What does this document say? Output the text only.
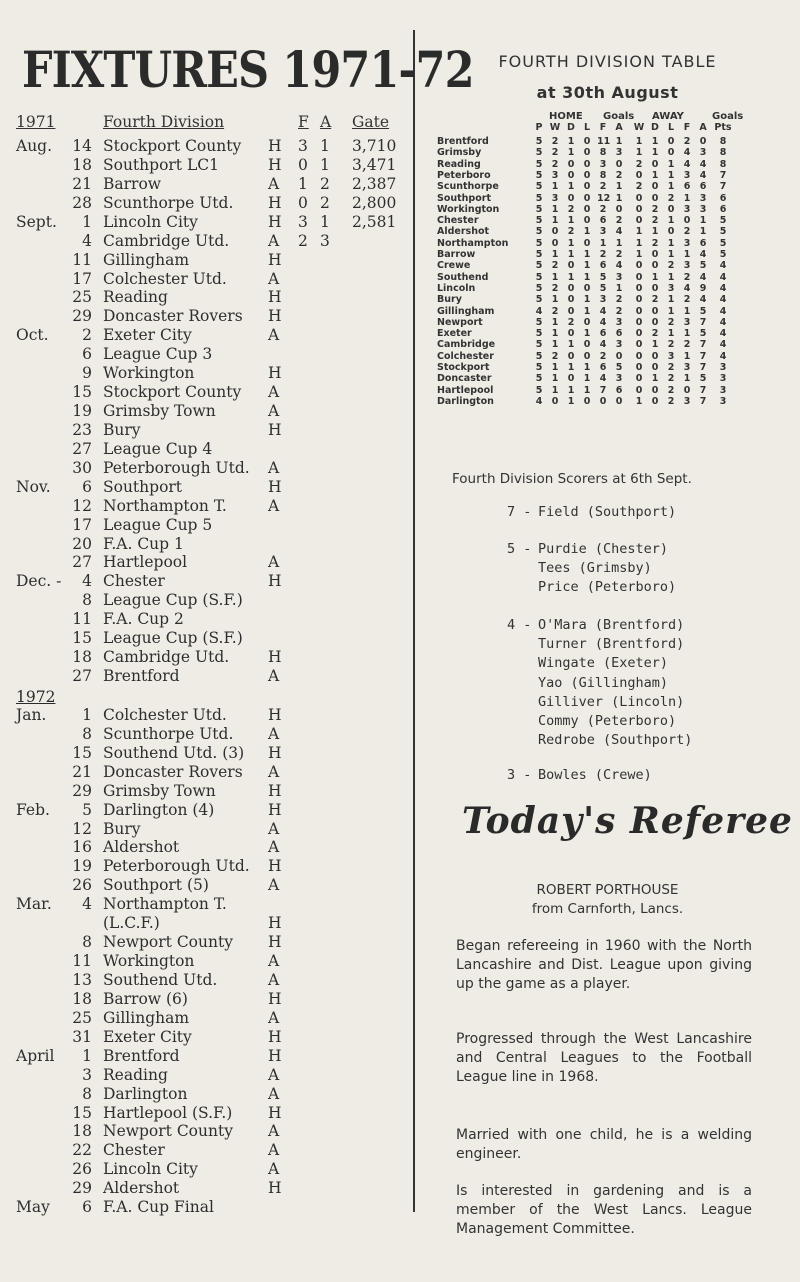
FIXTURES 1971-72
1971	Fourth Division	F A Gate
1972
Aug.	14 Stockport County H 3 1 3,710
18 Southport LC1	H 0 1 3,471
21 Barrow	A 1 2 2,387
28 Scunthorpe Utd. H 0 2 2,800
Sept.	1 Lincoln City	H 3 1 2,581
4 Cambridge Utd.	A 2 3
11 Gillingham	H
17 Colchester Utd.	A
25 Reading	H
29 Doncaster Rovers H
Oct.	2 Exeter City	A
6 League Cup 3
9 Workington	H
15 Stockport County A
19 Grimsby Town	A
23 Bury	H
27 League Cup 4
30 Peterborough Utd. A
Nov.	6 Southport	H
12 Northampton T.	A
17 League Cup 5
20 F.A. Cup 1
27 Hartlepool	A
Dec. -	4 Chester	H
8 League Cup (S.F.)
11 F.A. Cup 2
15 League Cup (S.F.)
18 Cambridge Utd.	H
27 Brentford	A
Jan.	1 Colchester Utd.	H
8 Scunthorpe Utd. A
15 Southend Utd. (3) H
21 Doncaster Rovers A
29 Grimsby Town	H
Feb.	5 Darlington (4)	H
12 Bury	A
16 Aldershot	A
19 Peterborough Utd. H
26 Southport (5)	A
Mar.	4 Northampton T.
(L.C.F.)	H
8 Newport County H
11 Workington	A
13 Southend Utd.	A
18 Barrow (6)	H
25 Gillingham	A
31 Exeter City	H
April	1 Brentford	H
3 Reading	A
8 Darlington	A
15 Hartlepool (S.F.) H
18 Newport County A
22 Chester	A
26 Lincoln City	A
29 Aldershot	H
May	6 F.A. Cup Final
FOURTH DIVISION TABLE
at 30th August
HOME Goals AWAY	Goals
P W D L	F A W D L	F A Pts
Brentford	5 2 1 0 11 1 1 1 0 2 0 8
Grimsby	5 2 1 0 8 3 1 1 0 4 3 8
Reading	5 2 0 0 3 0 2 0 1 4 4 8
Peterboro	5 3 0 0 8 2 0 1 1 3 4 7
Scunthorpe	5 1 1 0 2 1 2 0 1 6 6 7
Southport	5 3 0 0 12 1 0 0 2 1 3 6
Workington	5 1 2 0 2 0 0 2 0 3 3 6
Chester	5 1 1 0 6 2 0 2 1 0 1 5
Aldershot	5 0 2 1 3 4 1 1 0 2 1 5
Northampton	5 0 1 0 1 1 1 2 1 3 6 5
Barrow	5 1 1 1 2 2 1 0 1 1 4 5
Crewe	5 2 0 1 6 4 0 0 2 3 5 4
Southend	5 1 1 1 5 3 0 1 1 2 4 4
Lincoln	5 2 0 0 5 1 0 0 3 4 9 4
Bury	5 1 0 1 3 2 0 2 1 2 4 4
Gillingham	4 2 0 1 4 2 0 0 1 1 5 4
Newport	5 1 2 0 4 3 0 0 2 3 7 4
Exeter	5 1 0 1 6 6 0 2 1 1 5 4
Cambridge	5 1 1 0 4 3 0 1 2 2 7 4
Colchester	5 2 0 0 2 0 0 0 3 1 7 4
Stockport	5 1 1 1 6 5 0 0 2 3 7 3
Doncaster	5 1 0 1 4 3 0 1 2 1 5 3
Hartlepool	5 1 1 1 7 6 0 0 2 0 7 3
Darlington	4 0 1 0 0 0 1 0 2 3 7 3
Fourth Division Scorers at 6th Sept.
7 - Field (Southport)
5 - Purdie (Chester)
Tees (Grimsby)
Price (Peterboro)
4 - O'Mara (Brentford)
Turner (Brentford)
Wingate (Exeter)
Yao (Gillingham)
Gilliver (Lincoln)
Commy (Peterboro)
Redrobe (Southport)
3 - Bowles (Crewe)
Today's Referee
ROBERT PORTHOUSE
from Carnforth, Lancs.
Began refereeing in 1960 with the North Lancashire and Dist. League upon giving up the game as a player.
Progressed through the West Lancashire and Central Leagues to the Football League line in 1968.
Married with one child, he is a welding engineer.
Is interested in gardening and is a member of the West Lancs. League Management Committee.
